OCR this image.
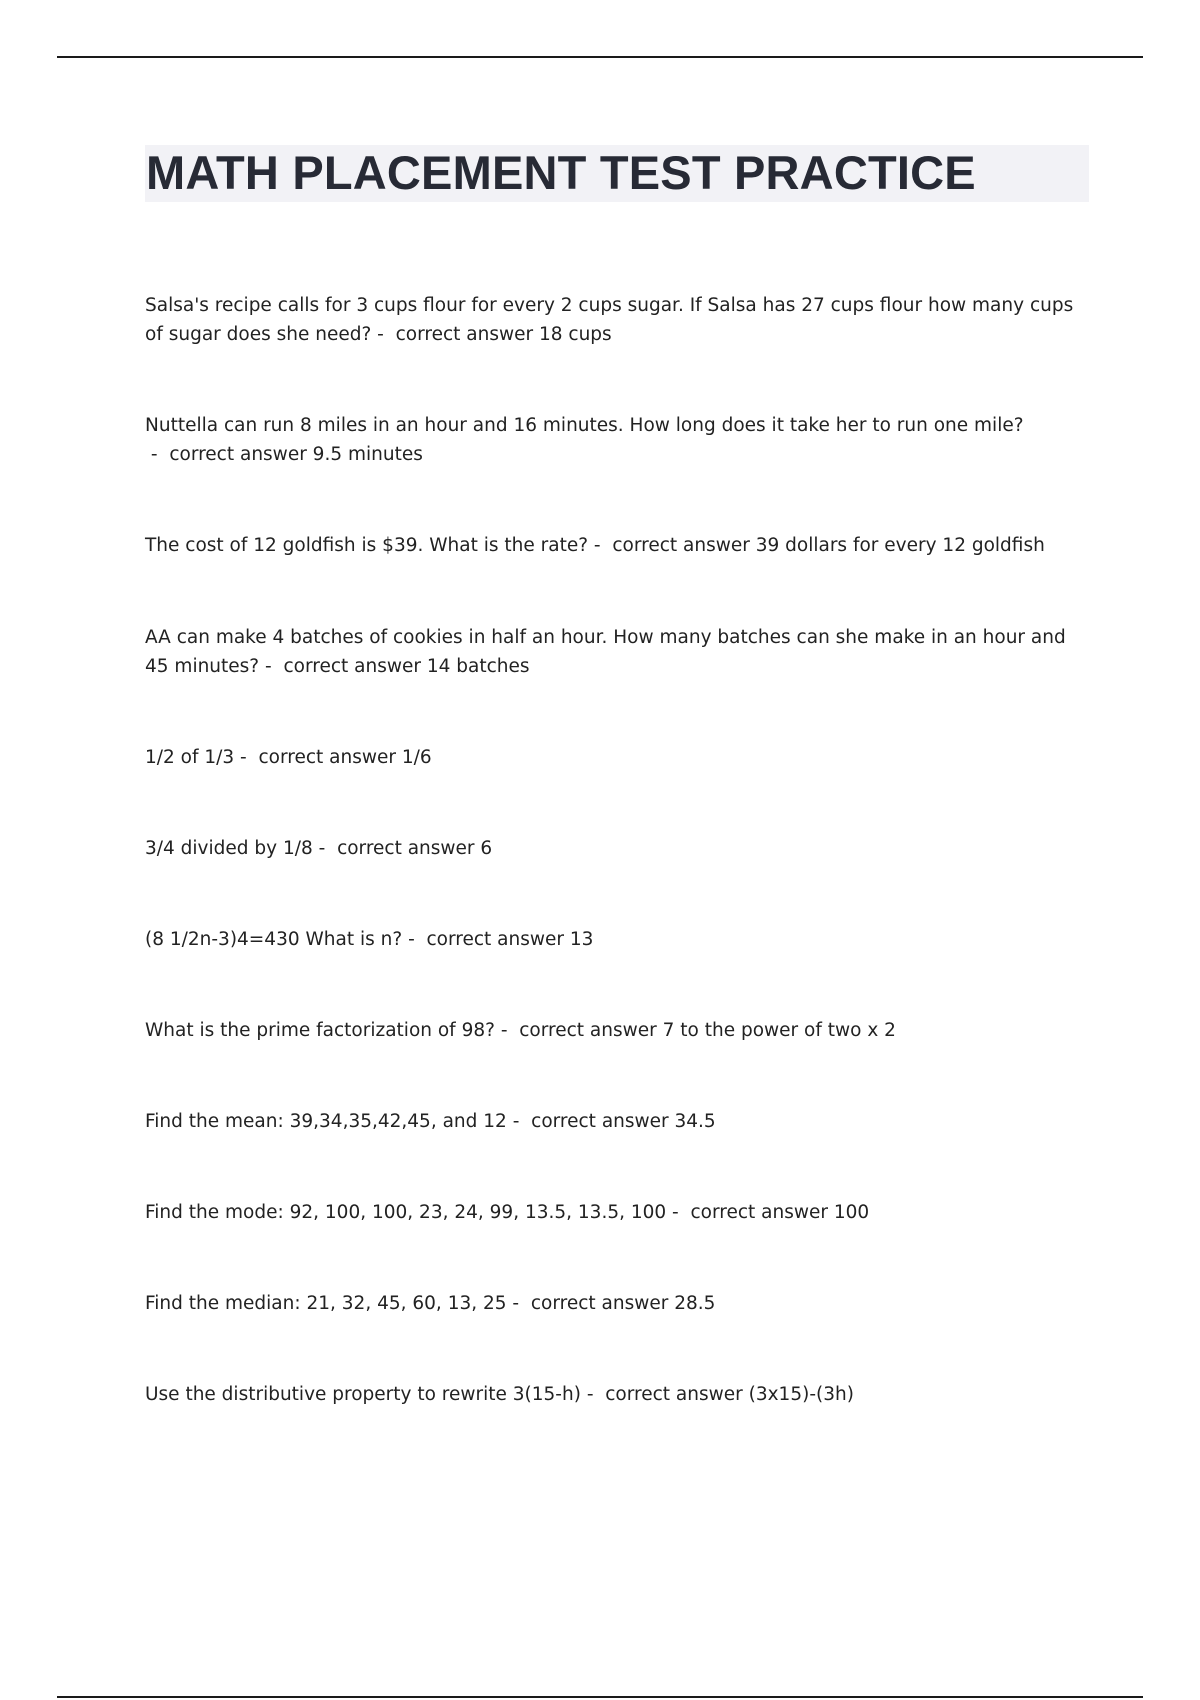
MATH PLACEMENT TEST PRACTICE
Salsa's recipe calls for 3 cups flour for every 2 cups sugar. If Salsa has 27 cups flour how many cups of sugar does she need? -  correct answer 18 cups
Nuttella can run 8 miles in an hour and 16 minutes. How long does it take her to run one mile? -  correct answer 9.5 minutes
The cost of 12 goldfish is $39. What is the rate? -  correct answer 39 dollars for every 12 goldfish
AA can make 4 batches of cookies in half an hour. How many batches can she make in an hour and 45 minutes? -  correct answer 14 batches
1/2 of 1/3 -  correct answer 1/6
3/4 divided by 1/8 -  correct answer 6
(8 1/2n-3)4=430 What is n? -  correct answer 13
What is the prime factorization of 98? -  correct answer 7 to the power of two x 2
Find the mean: 39,34,35,42,45, and 12 -  correct answer 34.5
Find the mode: 92, 100, 100, 23, 24, 99, 13.5, 13.5, 100 -  correct answer 100
Find the median: 21, 32, 45, 60, 13, 25 -  correct answer 28.5
Use the distributive property to rewrite 3(15-h) -  correct answer (3x15)-(3h)
